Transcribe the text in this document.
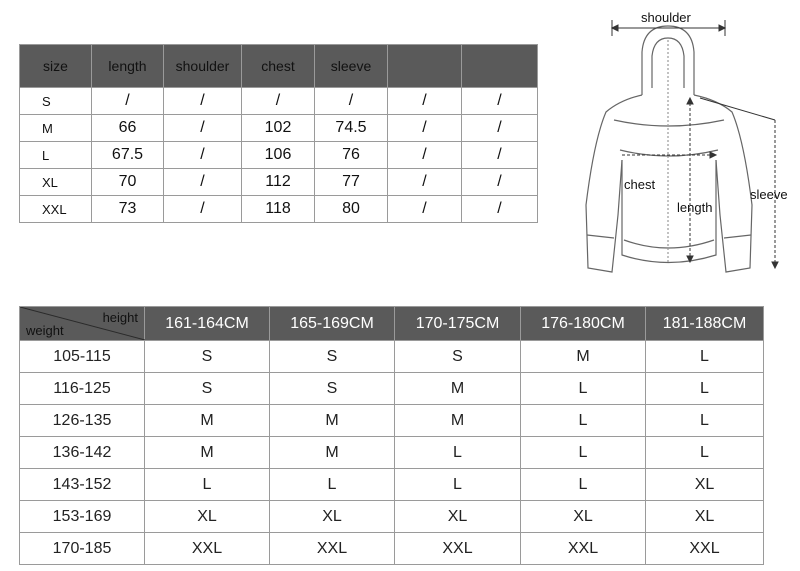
size	length	shoulder	chest	sleeve		
S	/	/	/	/	/	/
M	66	/	102	74.5	/	/
L	67.5	/	106	76	/	/
XL	70	/	112	77	/	/
XXL	73	/	118	80	/	/
shoulder
chest
length
sleeve
height
weight	161-164CM	165-169CM	170-175CM	176-180CM	181-188CM
105-115	S	S	S	M	L
116-125	S	S	M	L	L
126-135	M	M	M	L	L
136-142	M	M	L	L	L
143-152	L	L	L	L	XL
153-169	XL	XL	XL	XL	XL
170-185	XXL	XXL	XXL	XXL	XXL
